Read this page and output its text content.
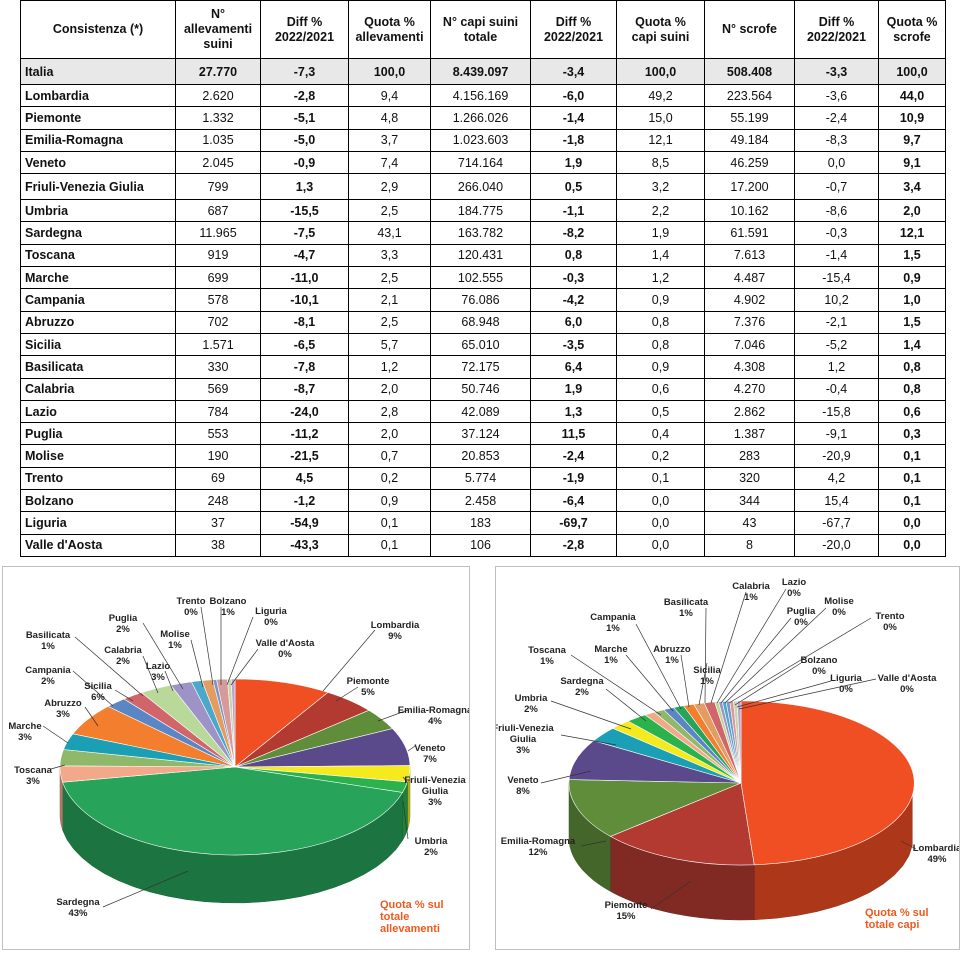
Consistenza (*)	N° allevamenti suini	Diff % 2022/2021	Quota % allevamenti	N° capi suini totale	Diff % 2022/2021	Quota % capi suini	N° scrofe	Diff % 2022/2021	Quota % scrofe
Italia	27.770	-7,3	100,0	8.439.097	-3,4	100,0	508.408	-3,3	100,0
Lombardia	2.620	-2,8	9,4	4.156.169	-6,0	49,2	223.564	-3,6	44,0
Piemonte	1.332	-5,1	4,8	1.266.026	-1,4	15,0	55.199	-2,4	10,9
Emilia-Romagna	1.035	-5,0	3,7	1.023.603	-1,8	12,1	49.184	-8,3	9,7
Veneto	2.045	-0,9	7,4	714.164	1,9	8,5	46.259	0,0	9,1
Friuli-Venezia Giulia	799	1,3	2,9	266.040	0,5	3,2	17.200	-0,7	3,4
Umbria	687	-15,5	2,5	184.775	-1,1	2,2	10.162	-8,6	2,0
Sardegna	11.965	-7,5	43,1	163.782	-8,2	1,9	61.591	-0,3	12,1
Toscana	919	-4,7	3,3	120.431	0,8	1,4	7.613	-1,4	1,5
Marche	699	-11,0	2,5	102.555	-0,3	1,2	4.487	-15,4	0,9
Campania	578	-10,1	2,1	76.086	-4,2	0,9	4.902	10,2	1,0
Abruzzo	702	-8,1	2,5	68.948	6,0	0,8	7.376	-2,1	1,5
Sicilia	1.571	-6,5	5,7	65.010	-3,5	0,8	7.046	-5,2	1,4
Basilicata	330	-7,8	1,2	72.175	6,4	0,9	4.308	1,2	0,8
Calabria	569	-8,7	2,0	50.746	1,9	0,6	4.270	-0,4	0,8
Lazio	784	-24,0	2,8	42.089	1,3	0,5	2.862	-15,8	0,6
Puglia	553	-11,2	2,0	37.124	11,5	0,4	1.387	-9,1	0,3
Molise	190	-21,5	0,7	20.853	-2,4	0,2	283	-20,9	0,1
Trento	69	4,5	0,2	5.774	-1,9	0,1	320	4,2	0,1
Bolzano	248	-1,2	0,9	2.458	-6,4	0,0	344	15,4	0,1
Liguria	37	-54,9	0,1	183	-69,7	0,0	43	-67,7	0,0
Valle d'Aosta	38	-43,3	0,1	106	-2,8	0,0	8	-20,0	0,0
Lombardia
9%
Piemonte
5%
Emilia-Romagna
4%
Veneto
7%
Friuli-Venezia
Giulia
3%
Umbria
2%
Sardegna
43%
Toscana
3%
Marche
3%
Abruzzo
3%
Campania
2%	Sicilia
6%
Basilicata
1%	Calabria
2% Lazio
3%
Puglia
2%	Molise
1%
Trento
0%
Bolzano
1% Liguria
0%
Valle d'Aosta
0%
Quota % sul
totale
allevamenti
Lombardia
49%
Piemonte
15%
Emilia-Romagna
12%
Veneto
8%
Friuli-Venezia
Giulia
3%
Umbria
2%
Sardegna
2%
Toscana
1%
Marche
1%
Campania
1%
Abruzzo
1%
Sicilia
1%
Basilicata
1%
Calabria
1%
Lazio
0%
Puglia
0%
Molise
0%	Trento
0%
Bolzano
0%
Liguria
0%
Valle d'Aosta
0%
Quota % sul
totale capi
